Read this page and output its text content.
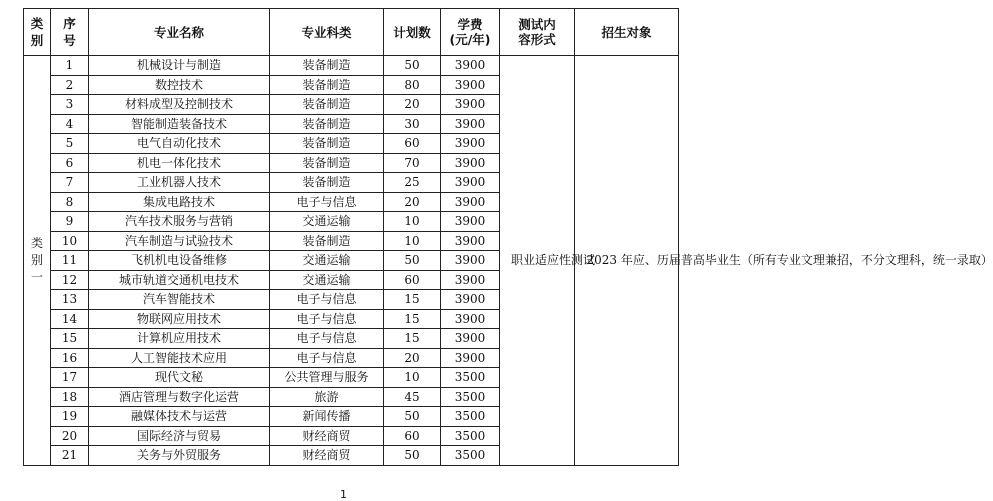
类别	序号	专业名称	专业科类	计划数	学费(元/年)	测试内容形式	招生对象
类别一	1	机械设计与制造	装备制造	50	3900	职业适应性测试	2023 年应、历届普高毕业生（所有专业文理兼招，不分文理科，统一录取）
	2	数控技术	装备制造	80	3900		
	3	材料成型及控制技术	装备制造	20	3900		
	4	智能制造装备技术	装备制造	30	3900		
	5	电气自动化技术	装备制造	60	3900		
	6	机电一体化技术	装备制造	70	3900		
	7	工业机器人技术	装备制造	25	3900		
	8	集成电路技术	电子与信息	20	3900		
	9	汽车技术服务与营销	交通运输	10	3900		
	10	汽车制造与试验技术	装备制造	10	3900		
	11	飞机机电设备维修	交通运输	50	3900		
	12	城市轨道交通机电技术	交通运输	60	3900		
	13	汽车智能技术	电子与信息	15	3900		
	14	物联网应用技术	电子与信息	15	3900		
	15	计算机应用技术	电子与信息	15	3900		
	16	人工智能技术应用	电子与信息	20	3900		
	17	现代文秘	公共管理与服务	10	3500		
	18	酒店管理与数字化运营	旅游	45	3500		
	19	融媒体技术与运营	新闻传播	50	3500		
	20	国际经济与贸易	财经商贸	60	3500		
	21	关务与外贸服务	财经商贸	50	3500		
1
